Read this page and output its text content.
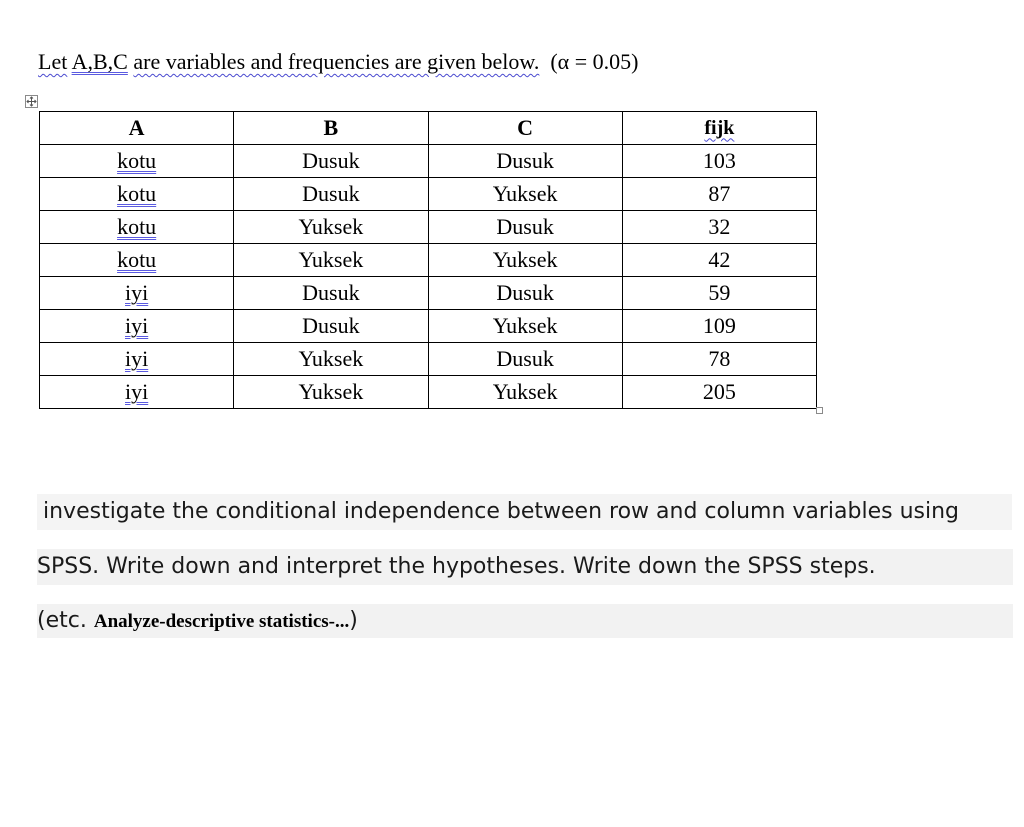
Let A,B,C are variables and frequencies are given below. (α = 0.05)
A	B	C	fijk
kotu	Dusuk	Dusuk	103
kotu	Dusuk	Yuksek	87
kotu	Yuksek	Dusuk	32
kotu	Yuksek	Yuksek	42
iyi	Dusuk	Dusuk	59
iyi	Dusuk	Yuksek	109
iyi	Yuksek	Dusuk	78
iyi	Yuksek	Yuksek	205
investigate the conditional independence between row and column variables using
SPSS. Write down and interpret the hypotheses. Write down the SPSS steps.
(etc. Analyze-descriptive statistics-...)
